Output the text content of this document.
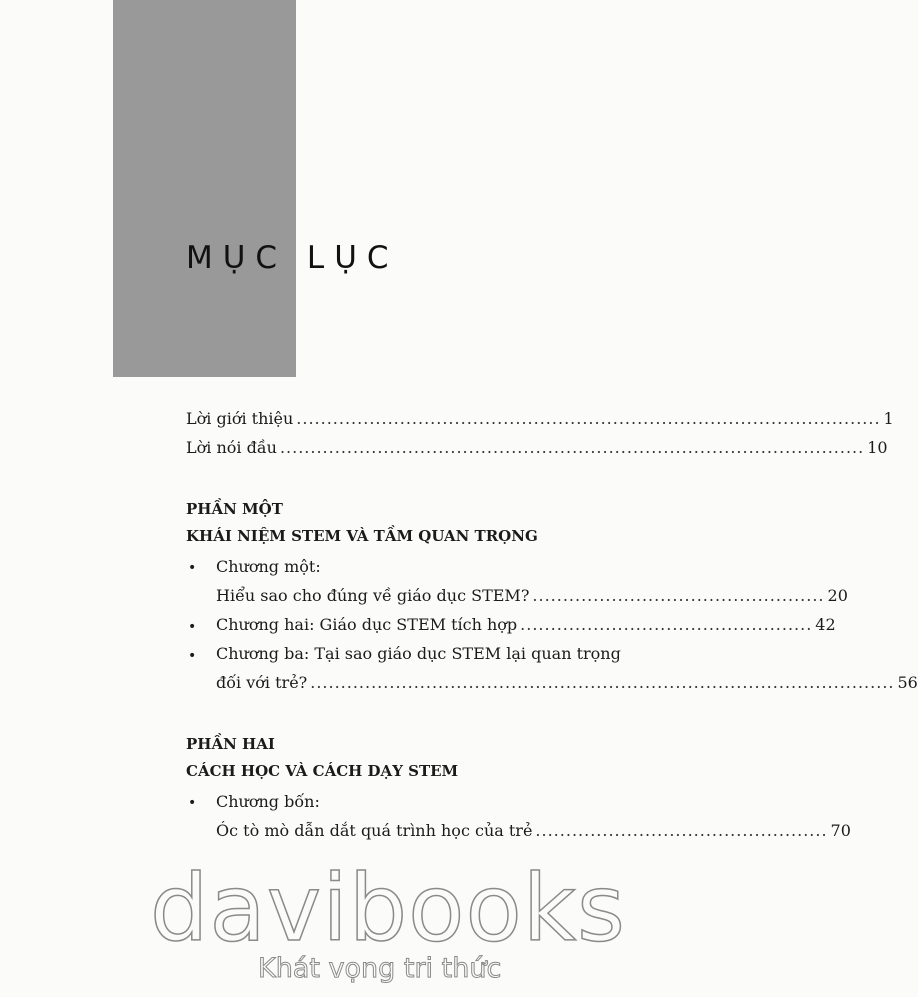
MỤC LỤC
Lời giới thiệu ................................................................................................ 1
Lời nói đầu ................................................................................................ 10
PHẦN MỘT
KHÁI NIỆM STEM VÀ TẦM QUAN TRỌNG
• Chương một:
Hiểu sao cho đúng về giáo dục STEM? ................................................ 20
• Chương hai: Giáo dục STEM tích hợp ................................................ 42
• Chương ba: Tại sao giáo dục STEM lại quan trọng
đối với trẻ? ................................................................................................ 56
PHẦN HAI
CÁCH HỌC VÀ CÁCH DẠY STEM
• Chương bốn:
Óc tò mò dẫn dắt quá trình học của trẻ ................................................ 70
davibooks
Khát vọng tri thức
